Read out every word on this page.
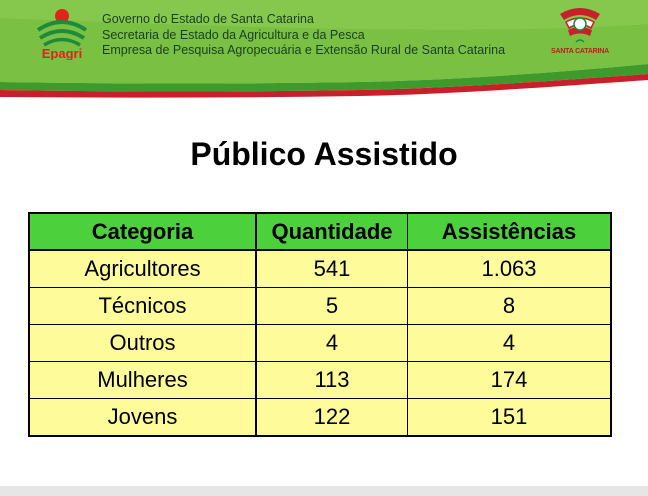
Epagri
Governo do Estado de Santa Catarina
Secretaria de Estado da Agricultura e da Pesca
Empresa de Pesquisa Agropecuária e Extensão Rural de Santa Catarina	SANTA CATARINA
Público Assistido
Categoria	Quantidade	Assistências
Agricultores	541	1.063
Técnicos	5	8
Outros	4	4
Mulheres	113	174
Jovens	122	151
